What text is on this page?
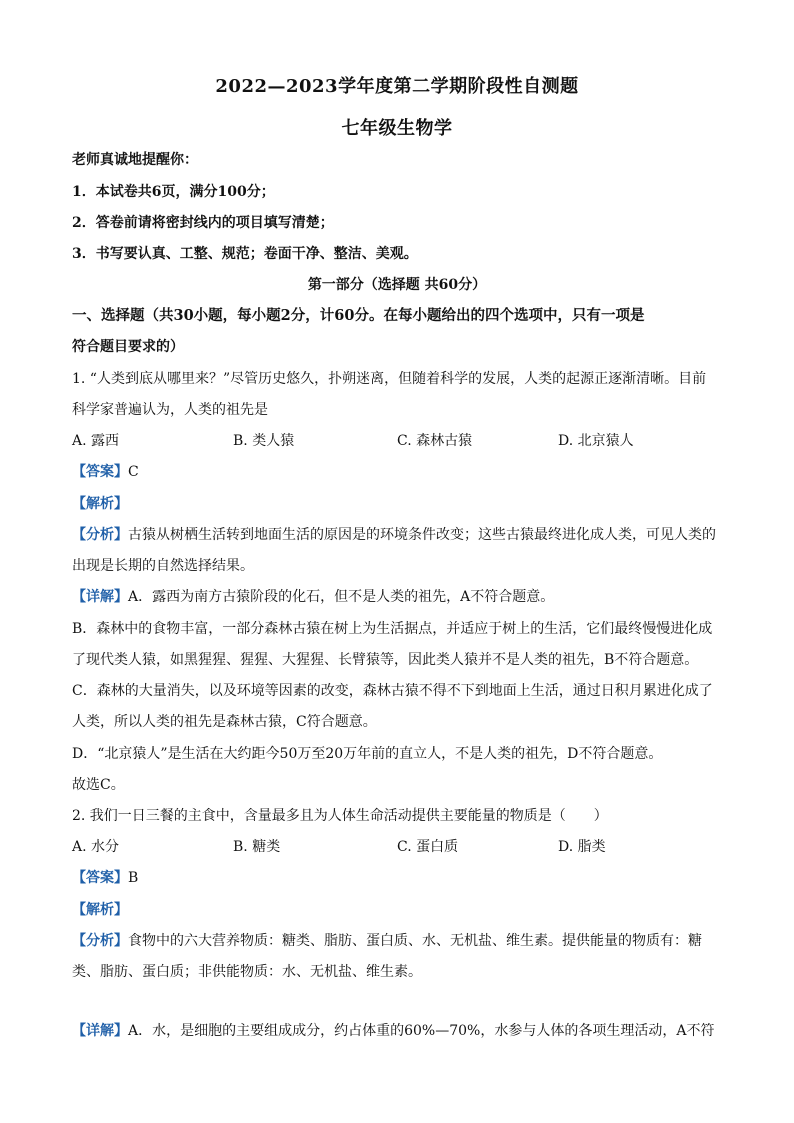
2022—2023学年度第二学期阶段性自测题
七年级生物学
老师真诚地提醒你：
1．本试卷共6页，满分100分；
2．答卷前请将密封线内的项目填写清楚；
3．书写要认真、工整、规范；卷面干净、整洁、美观。
第一部分（选择题 共60分）
一、选择题（共30小题，每小题2分，计60分。在每小题给出的四个选项中，只有一项是
符合题目要求的）
1. “人类到底从哪里来？”尽管历史悠久，扑朔迷离，但随着科学的发展，人类的起源正逐渐清晰。目前
科学家普遍认为，人类的祖先是
A. 露西	B. 类人猿	C. 森林古猿	D. 北京猿人
【答案】C
【解析】
【分析】古猿从树栖生活转到地面生活的原因是的环境条件改变；这些古猿最终进化成人类，可见人类的
出现是长期的自然选择结果。
【详解】A．露西为南方古猿阶段的化石，但不是人类的祖先，A不符合题意。
B．森林中的食物丰富，一部分森林古猿在树上为生活据点，并适应于树上的生活，它们最终慢慢进化成
了现代类人猿，如黑猩猩、猩猩、大猩猩、长臂猿等，因此类人猿并不是人类的祖先，B不符合题意。
C．森林的大量消失，以及环境等因素的改变，森林古猿不得不下到地面上生活，通过日积月累进化成了
人类，所以人类的祖先是森林古猿，C符合题意。
D．“北京猿人”是生活在大约距今50万至20万年前的直立人，不是人类的祖先，D不符合题意。
故选C。
2. 我们一日三餐的主食中，含量最多且为人体生命活动提供主要能量的物质是（　　）
A. 水分	B. 糖类	C. 蛋白质	D. 脂类
【答案】B
【解析】
【分析】食物中的六大营养物质：糖类、脂肪、蛋白质、水、无机盐、维生素。提供能量的物质有：糖
类、脂肪、蛋白质；非供能物质：水、无机盐、维生素。
【详解】A．水，是细胞的主要组成成分，约占体重的60%—70%，水参与人体的各项生理活动，A不符
